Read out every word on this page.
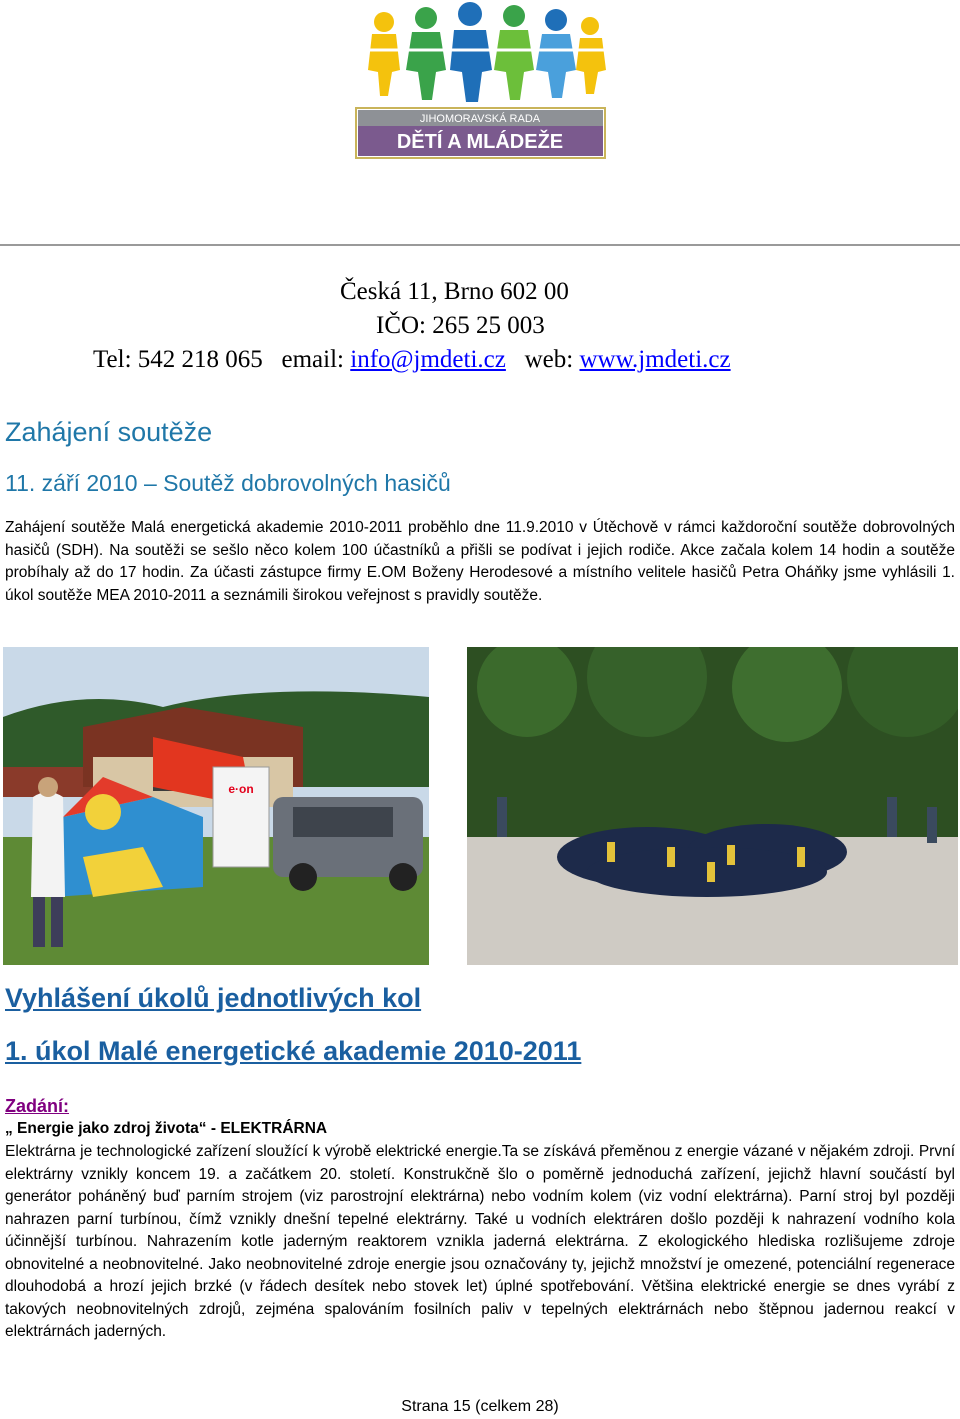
JIHOMORAVSKÁ RADA
DĚTÍ A MLÁDEŽE
Česká 11, Brno 602 00
IČO: 265 25 003
Tel: 542 218 065 email: info@jmdeti.cz web: www.jmdeti.cz
Zahájení soutěže
11. září 2010 – Soutěž dobrovolných hasičů
Zahájení soutěže Malá energetická akademie 2010-2011 proběhlo dne 11.9.2010 v Útěchově v rámci každoroční soutěže dobrovolných hasičů (SDH). Na soutěži se sešlo něco kolem 100 účastníků a přišli se podívat i jejich rodiče. Akce začala kolem 14 hodin a soutěže probíhaly až do 17 hodin. Za účasti zástupce firmy E.OM Boženy Herodesové a místního velitele hasičů Petra Oháňky jsme vyhlásili 1. úkol soutěže MEA 2010-2011 a seznámili širokou veřejnost s pravidly soutěže.
e·on
Vyhlášení úkolů jednotlivých kol
1. úkol Malé energetické akademie 2010-2011
Zadání:
„ Energie jako zdroj života“ - ELEKTRÁRNA
Elektrárna je technologické zařízení sloužící k výrobě elektrické energie.Ta se získává přeměnou z energie vázané v nějakém zdroji. První elektrárny vznikly koncem 19. a začátkem 20. století. Konstrukčně šlo o poměrně jednoduchá zařízení, jejichž hlavní součástí byl generátor poháněný buď parním strojem (viz parostrojní elektrárna) nebo vodním kolem (viz vodní elektrárna). Parní stroj byl později nahrazen parní turbínou, čímž vznikly dnešní tepelné elektrárny. Také u vodních elektráren došlo později k nahrazení vodního kola účinnější turbínou. Nahrazením kotle jaderným reaktorem vznikla jaderná elektrárna. Z ekologického hlediska rozlišujeme zdroje obnovitelné a neobnovitelné. Jako neobnovitelné zdroje energie jsou označovány ty, jejichž množství je omezené, potenciální regenerace dlouhodobá a hrozí jejich brzké (v řádech desítek nebo stovek let) úplné spotřebování. Většina elektrické energie se dnes vyrábí z takových neobnovitelných zdrojů, zejména spalováním fosilních paliv v tepelných elektrárnách nebo štěpnou jadernou reakcí v elektrárnách jaderných.
Strana 15 (celkem 28)
